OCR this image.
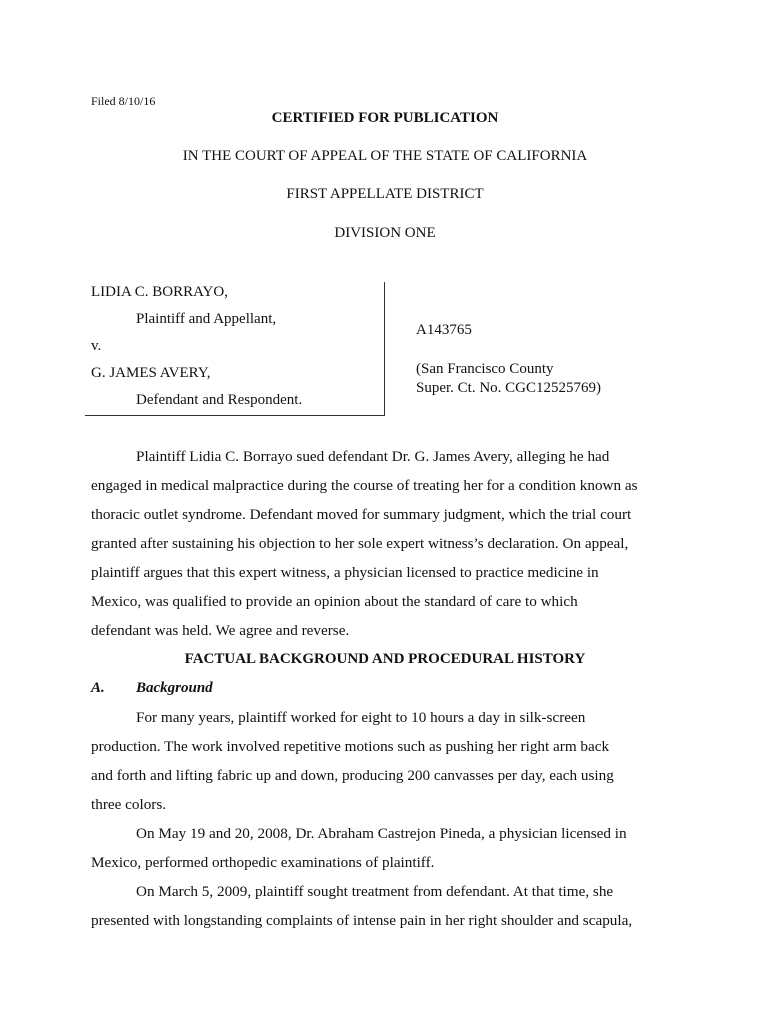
Filed 8/10/16
CERTIFIED FOR PUBLICATION
IN THE COURT OF APPEAL OF THE STATE OF CALIFORNIA
FIRST APPELLATE DISTRICT
DIVISION ONE
LIDIA C. BORRAYO,
Plaintiff and Appellant,
v.
G. JAMES AVERY,
Defendant and Respondent.
A143765
(San Francisco County
Super. Ct. No. CGC12525769)
Plaintiff Lidia C. Borrayo sued defendant Dr. G. James Avery, alleging he had
engaged in medical malpractice during the course of treating her for a condition known as
thoracic outlet syndrome. Defendant moved for summary judgment, which the trial court
granted after sustaining his objection to her sole expert witness’s declaration. On appeal,
plaintiff argues that this expert witness, a physician licensed to practice medicine in
Mexico, was qualified to provide an opinion about the standard of care to which
defendant was held. We agree and reverse.
FACTUAL BACKGROUND AND PROCEDURAL HISTORY
A. Background
For many years, plaintiff worked for eight to 10 hours a day in silk-screen
production. The work involved repetitive motions such as pushing her right arm back
and forth and lifting fabric up and down, producing 200 canvasses per day, each using
three colors.
On May 19 and 20, 2008, Dr. Abraham Castrejon Pineda, a physician licensed in
Mexico, performed orthopedic examinations of plaintiff.
On March 5, 2009, plaintiff sought treatment from defendant. At that time, she
presented with longstanding complaints of intense pain in her right shoulder and scapula,
